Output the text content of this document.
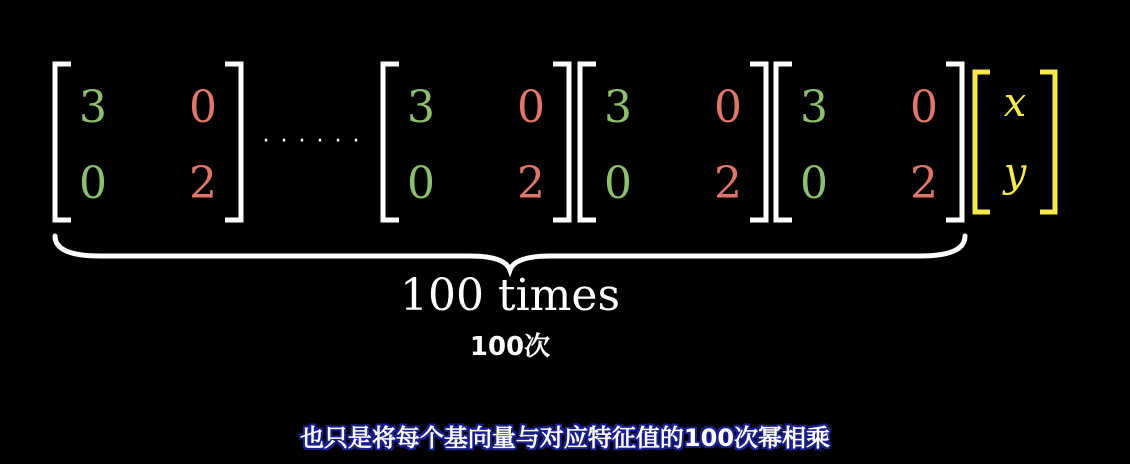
3 0
0 2
3 0
0 2
3 0
0 2
3 0
0 2
· · · · · ·
x
y
100 times
100次
也只是将每个基向量与对应特征值的100次幂相乘
